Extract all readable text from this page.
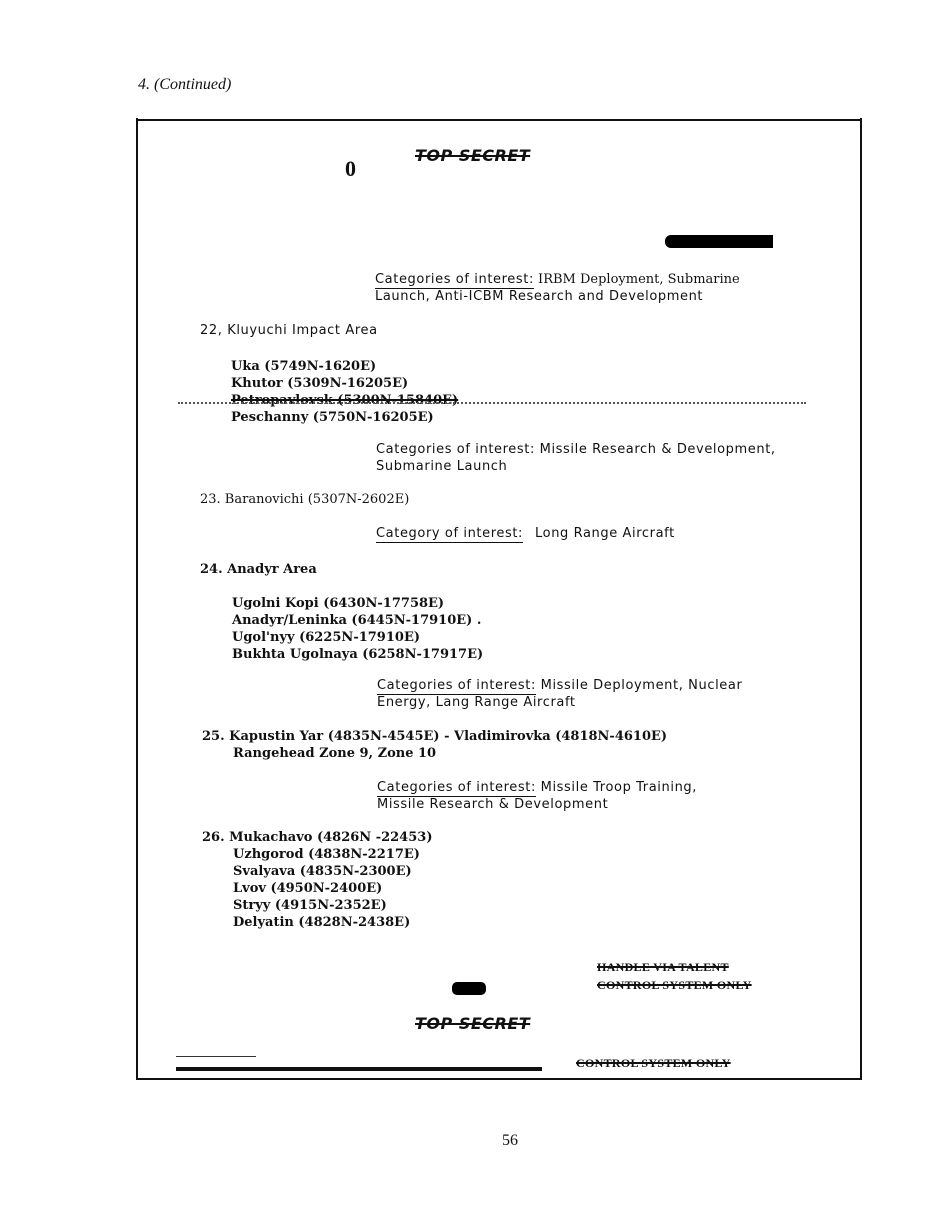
4. (Continued)
0
TOP SECRET
Categories of interest: IRBM Deployment, Submarine
Launch, Anti-ICBM Research and Development
22, Kluyuchi Impact Area
Uka (5749N-1620E)
Khutor (5309N-16205E)
Petropavlovsk (5300N-15840E)
Peschanny (5750N-16205E)
Categories of interest: Missile Research & Development,
Submarine Launch
23. Baranovichi (5307N-2602E)
Category of interest: Long Range Aircraft
24. Anadyr Area
Ugolni Kopi (6430N-17758E)
Anadyr/Leninka (6445N-17910E) .
Ugol'nyy (6225N-17910E)
Bukhta Ugolnaya (6258N-17917E)
Categories of interest: Missile Deployment, Nuclear
Energy, Lang Range Aircraft
25. Kapustin Yar (4835N-4545E) - Vladimirovka (4818N-4610E)
Rangehead Zone 9, Zone 10
Categories of interest: Missile Troop Training,
Missile Research & Development
26. Mukachavo (4826N -22453)
Uzhgorod (4838N-2217E)
Svalyava (4835N-2300E)
Lvov (4950N-2400E)
Stryy (4915N-2352E)
Delyatin (4828N-2438E)
HANDLE VIA TALENT
CONTROL SYSTEM ONLY
TOP SECRET
CONTROL SYSTEM ONLY
56
